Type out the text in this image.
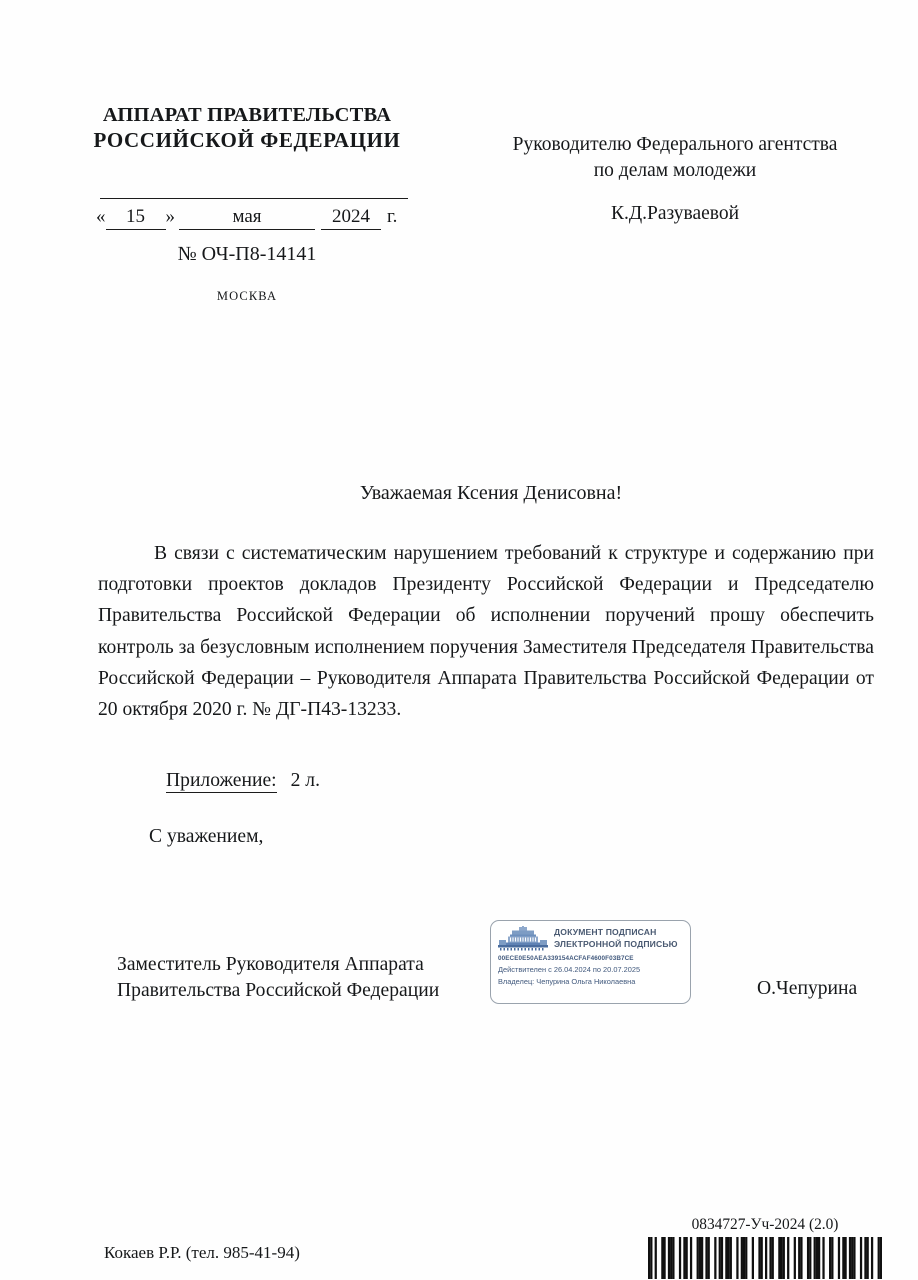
АППАРАТ ПРАВИТЕЛЬСТВА
РОССИЙСКОЙ ФЕДЕРАЦИИ
«	15	»	мая	2024 г.
№ ОЧ-П8-14141
МОСКВА
Руководителю Федерального агентства
по делам молодежи
К.Д.Разуваевой
Уважаемая Ксения Денисовна!
В связи с систематическим нарушением требований к структуре и содержанию при подготовки проектов докладов Президенту Российской Федерации и Председателю Правительства Российской Федерации об исполнении поручений прошу обеспечить контроль за безусловным исполнением поручения Заместителя Председателя Правительства Российской Федерации – Руководителя Аппарата Правительства Российской Федерации от 20 октября 2020 г. № ДГ-П43-13233.
Приложение: 2 л.
С уважением,
Заместитель Руководителя Аппарата
Правительства Российской Федерации	О.Чепурина
ДОКУМЕНТ ПОДПИСАН
ЭЛЕКТРОННОЙ ПОДПИСЬЮ
00ECE0E50AEA339154ACFAF4600F03B7CE
Действителен с 26.04.2024 по 20.07.2025
Владелец: Чепурина Ольга Николаевна
Кокаев Р.Р. (тел. 985-41-94)
0834727-Уч-2024 (2.0)
